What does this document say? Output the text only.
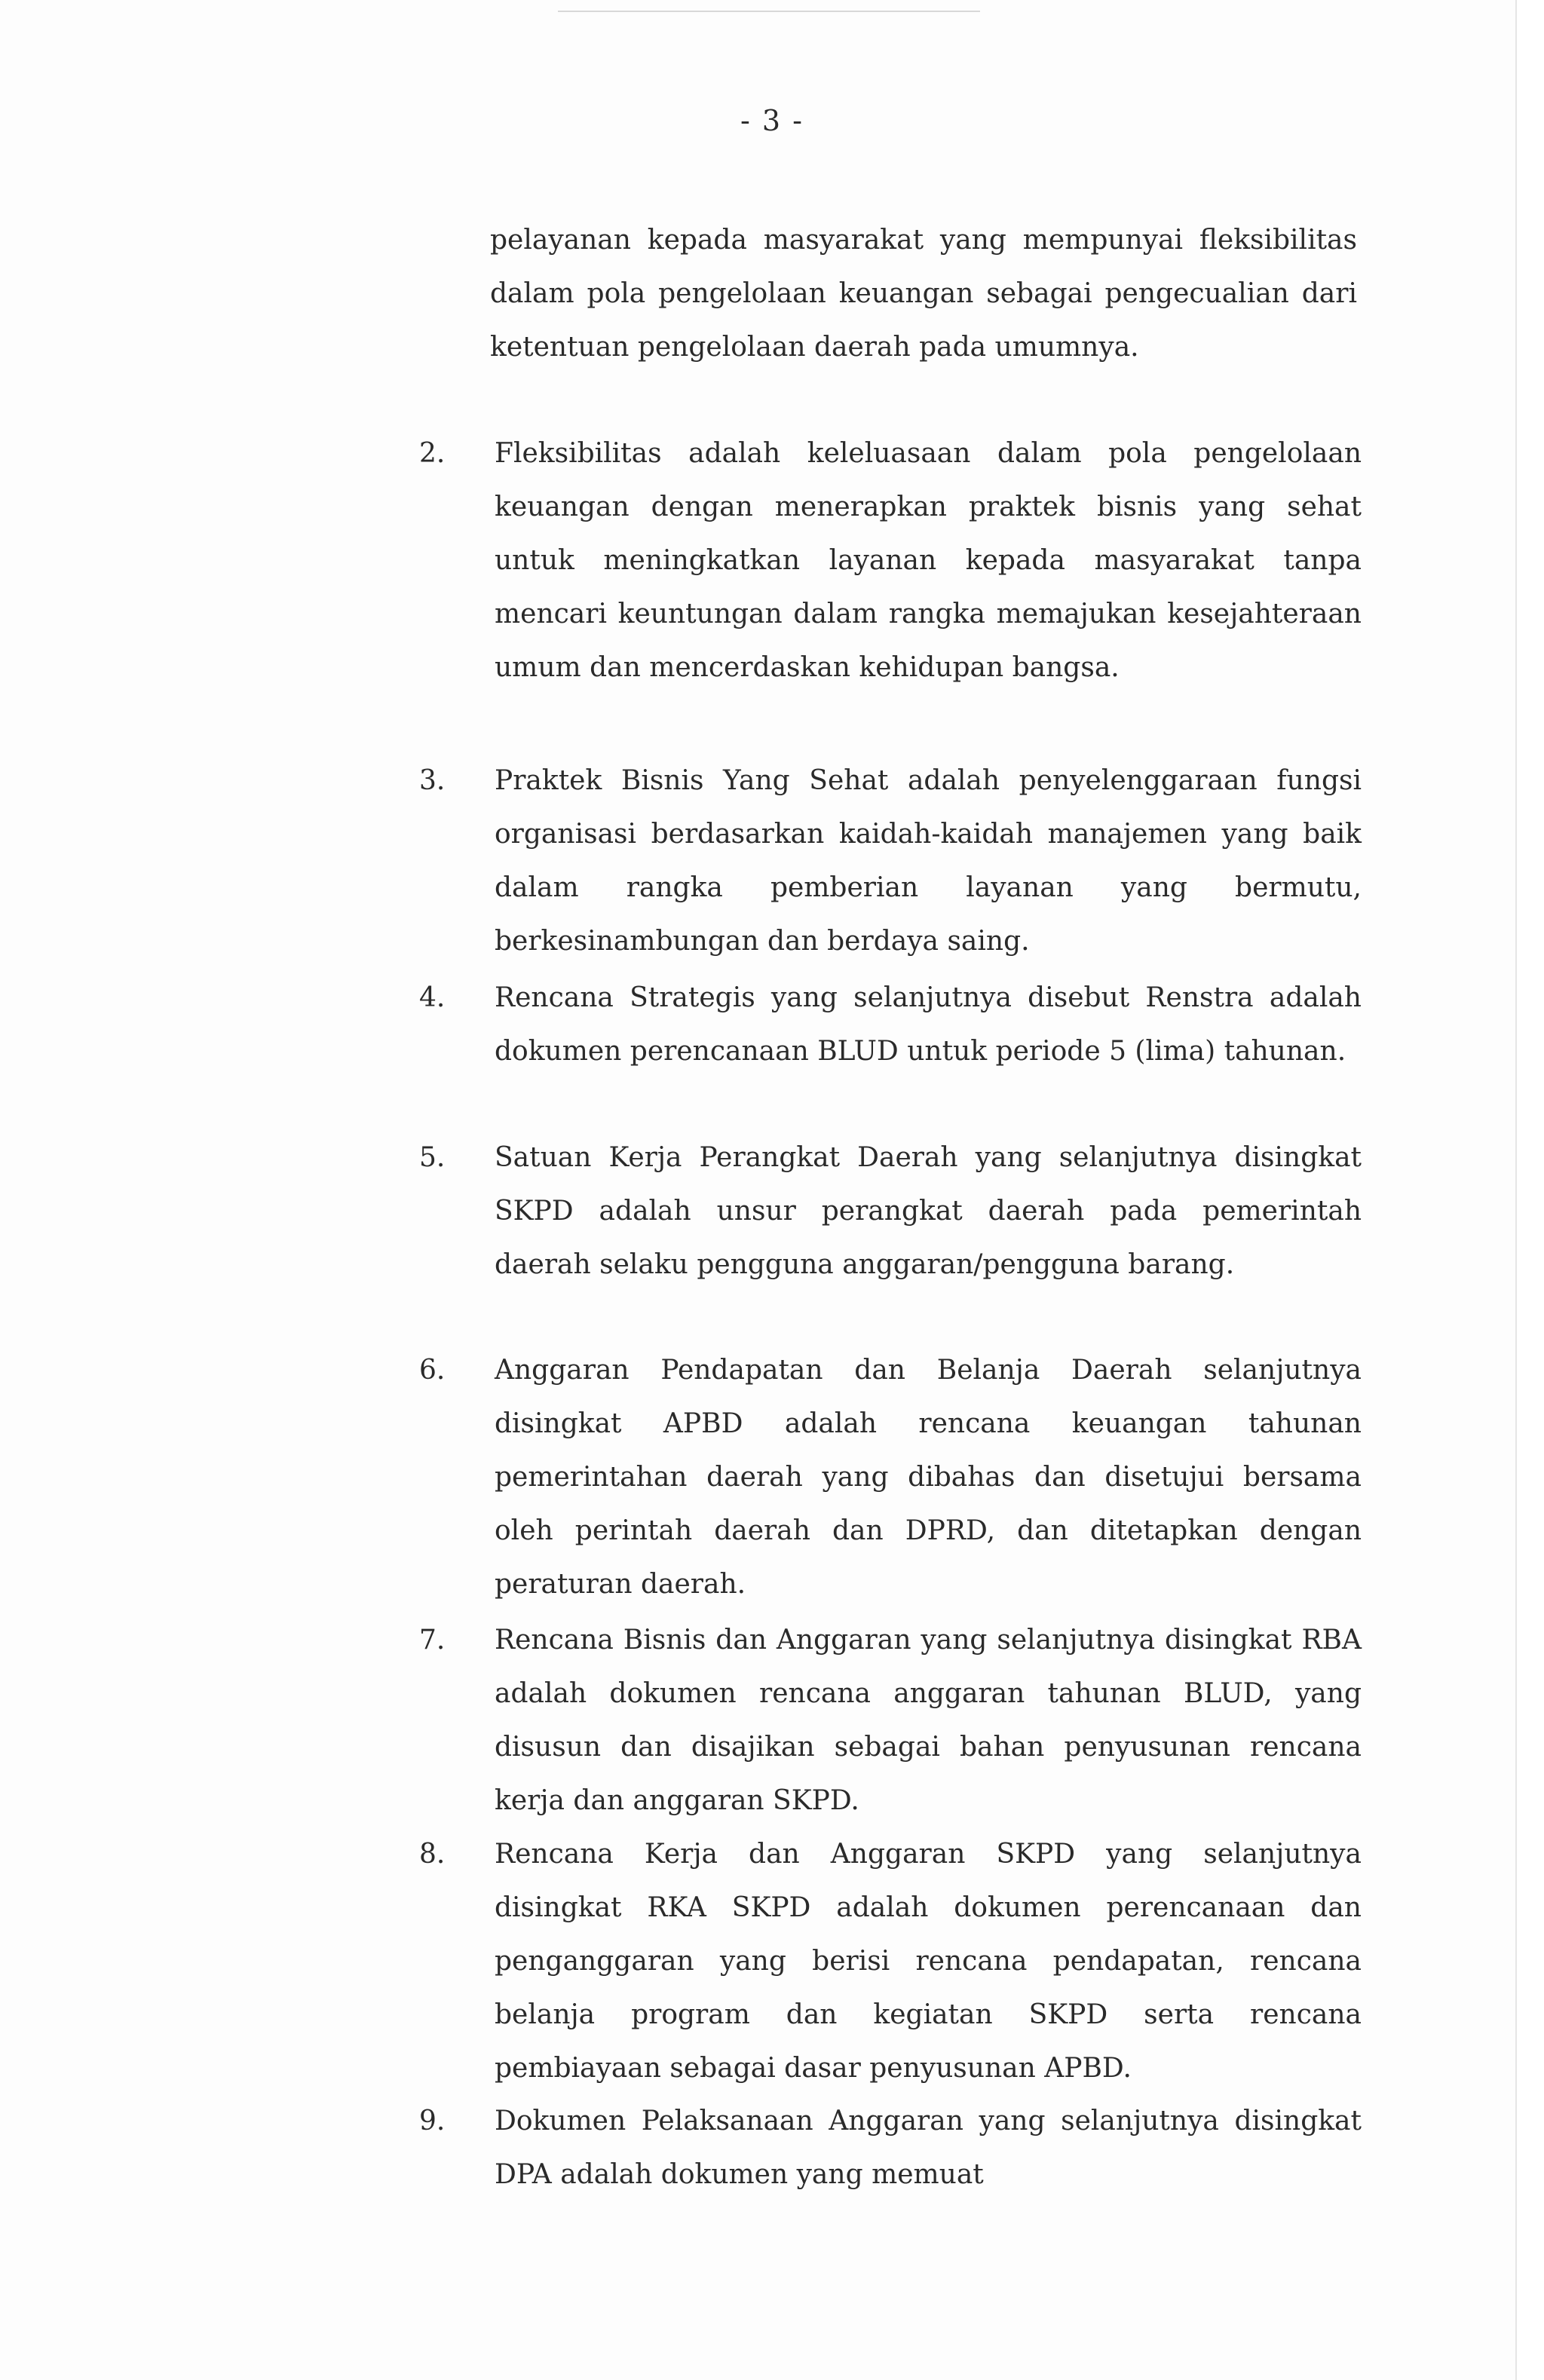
- 3 -

pelayanan kepada masyarakat yang mempunyai fleksibilitas dalam pola pengelolaan keuangan sebagai pengecualian dari ketentuan pengelolaan daerah pada umumnya.

2.	Fleksibilitas adalah keleluasaan dalam pola pengelolaan keuangan dengan menerapkan praktek bisnis yang sehat untuk meningkatkan layanan kepada masyarakat tanpa mencari keuntungan dalam rangka memajukan kesejahteraan umum dan mencerdaskan kehidupan bangsa.

3.	Praktek Bisnis Yang Sehat adalah penyelenggaraan fungsi organisasi berdasarkan kaidah-kaidah manajemen yang baik dalam rangka pemberian layanan yang bermutu, berkesinambungan dan berdaya saing.

4.	Rencana Strategis yang selanjutnya disebut Renstra adalah dokumen perencanaan BLUD untuk periode 5 (lima) tahunan.

5.	Satuan Kerja Perangkat Daerah yang selanjutnya disingkat SKPD adalah unsur perangkat daerah pada pemerintah daerah selaku pengguna anggaran/pengguna barang.

6.	Anggaran Pendapatan dan Belanja Daerah selanjutnya disingkat APBD adalah rencana keuangan tahunan pemerintahan daerah yang dibahas dan disetujui bersama oleh perintah daerah dan DPRD, dan ditetapkan dengan peraturan daerah.

7.	Rencana Bisnis dan Anggaran yang selanjutnya disingkat RBA adalah dokumen rencana anggaran tahunan BLUD, yang disusun dan disajikan sebagai bahan penyusunan rencana kerja dan anggaran SKPD.

8.	Rencana Kerja dan Anggaran SKPD yang selanjutnya disingkat RKA SKPD adalah dokumen perencanaan dan penganggaran yang berisi rencana pendapatan, rencana belanja program dan kegiatan SKPD serta rencana pembiayaan sebagai dasar penyusunan APBD.

9.	Dokumen Pelaksanaan Anggaran yang selanjutnya disingkat DPA adalah dokumen yang memuat
